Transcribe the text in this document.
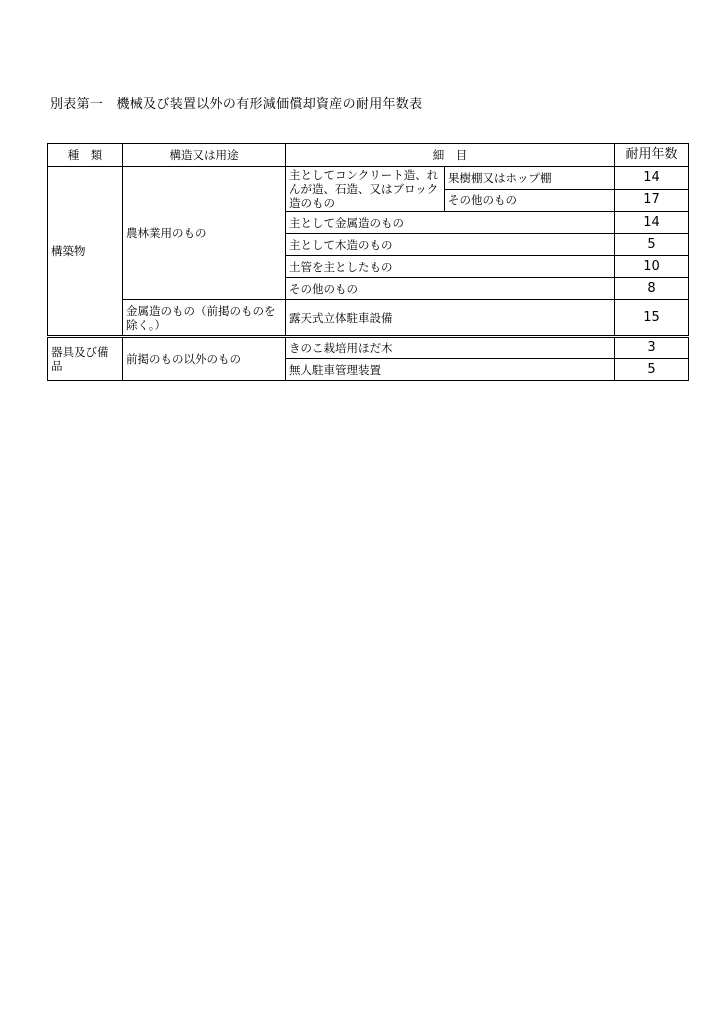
別表第一　機械及び装置以外の有形減価償却資産の耐用年数表
種　類	構造又は用途	細　目		耐用年数
構築物	農林業用のもの	主としてコンクリート造、れんが造、石造、又はブロック造のもの	果樹棚又はホップ棚	14
			その他のもの	17
		主として金属造のもの		14
		主として木造のもの		5
		土管を主としたもの		10
		その他のもの		8
	金属造のもの（前掲のものを除く。）	露天式立体駐車設備		15
器具及び備品	前掲のもの以外のもの	きのこ栽培用ほだ木		3
		無人駐車管理装置		5
